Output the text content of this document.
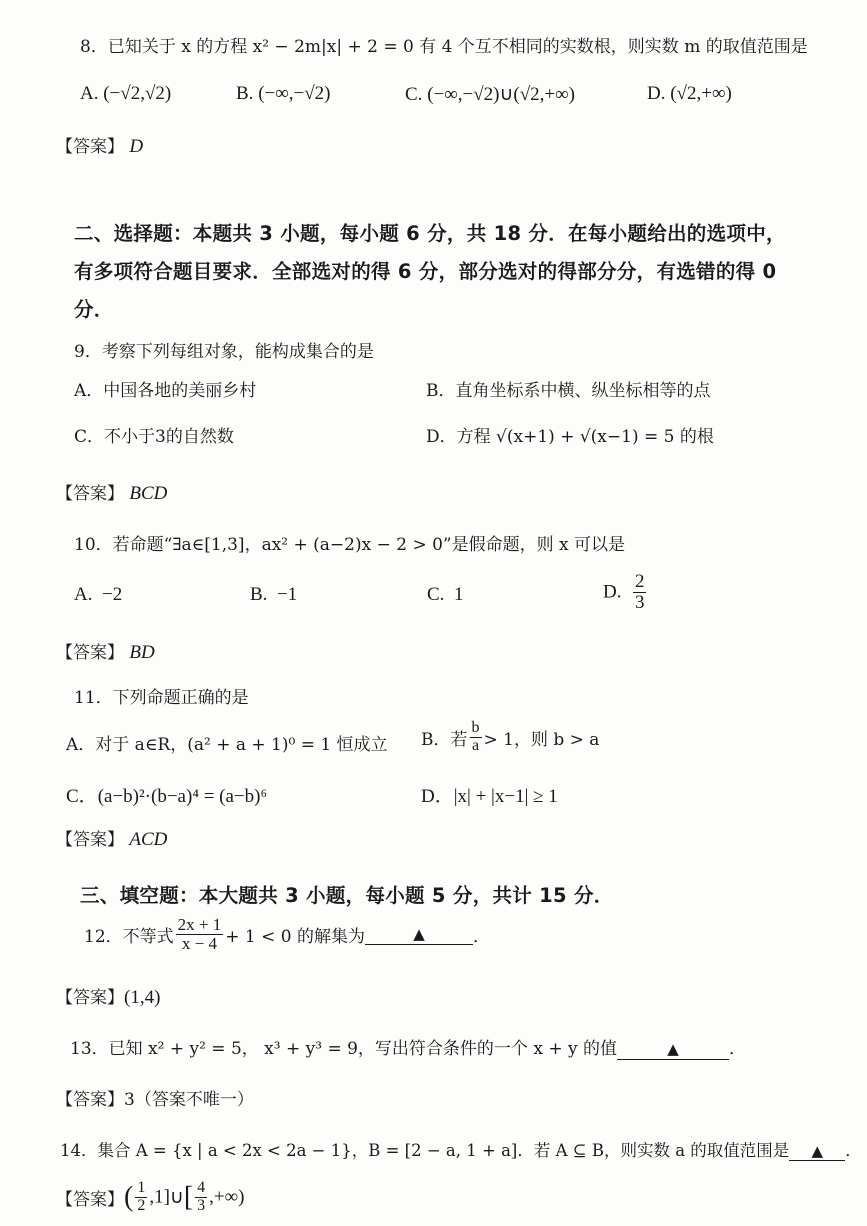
8．已知关于 x 的方程 x² − 2m|x| + 2 = 0 有 4 个互不相同的实数根，则实数 m 的取值范围是
A. (−√2,√2)	B. (−∞,−√2)	C. (−∞,−√2)∪(√2,+∞)	D. (√2,+∞)
【答案】 D
二、选择题：本题共 3 小题，每小题 6 分，共 18 分．在每小题给出的选项中，
有多项符合题目要求．全部选对的得 6 分，部分选对的得部分分，有选错的得 0
分．
9．考察下列每组对象，能构成集合的是
A．中国各地的美丽乡村	B．直角坐标系中横、纵坐标相等的点
C．不小于3的自然数	D．方程 √(x+1) + √(x−1) = 5 的根
【答案】 BCD
10．若命题“∃a∈[1,3]，ax² + (a−2)x − 2 > 0”是假命题，则 x 可以是
A. −2	B. −1	C. 1	D. $\frac{2}{3}$
【答案】 BD
11．下列命题正确的是
A．对于 a∈R，(a² + a + 1)⁰ = 1 恒成立 B．若 $\frac{b}{a} > 1$，则 b > a
C．(a−b)²·(b−a)⁴ = (a−b)⁶	D．|x| + |x−1| ≥ 1
【答案】 ACD
三、填空题：本大题共 3 小题，每小题 5 分，共计 15 分．
12．不等式 $\frac{2x + 1}{x - 4} + 1 < 0$ 的解集为	▲	．
【答案】(1,4)
13．已知 x² + y² = 5， x³ + y³ = 9，写出符合条件的一个 x + y 的值	▲	．
【答案】3（答案不唯一）
14．集合 A = {x | a < 2x < 2a − 1}，B = [2 − a, 1 + a]．若 A ⊆ B，则实数 a 的取值范围是 ▲ ．
【答案】( $\frac{1}{2}$ ,1]∪[ $\frac{4}{3}$ ,+∞)
